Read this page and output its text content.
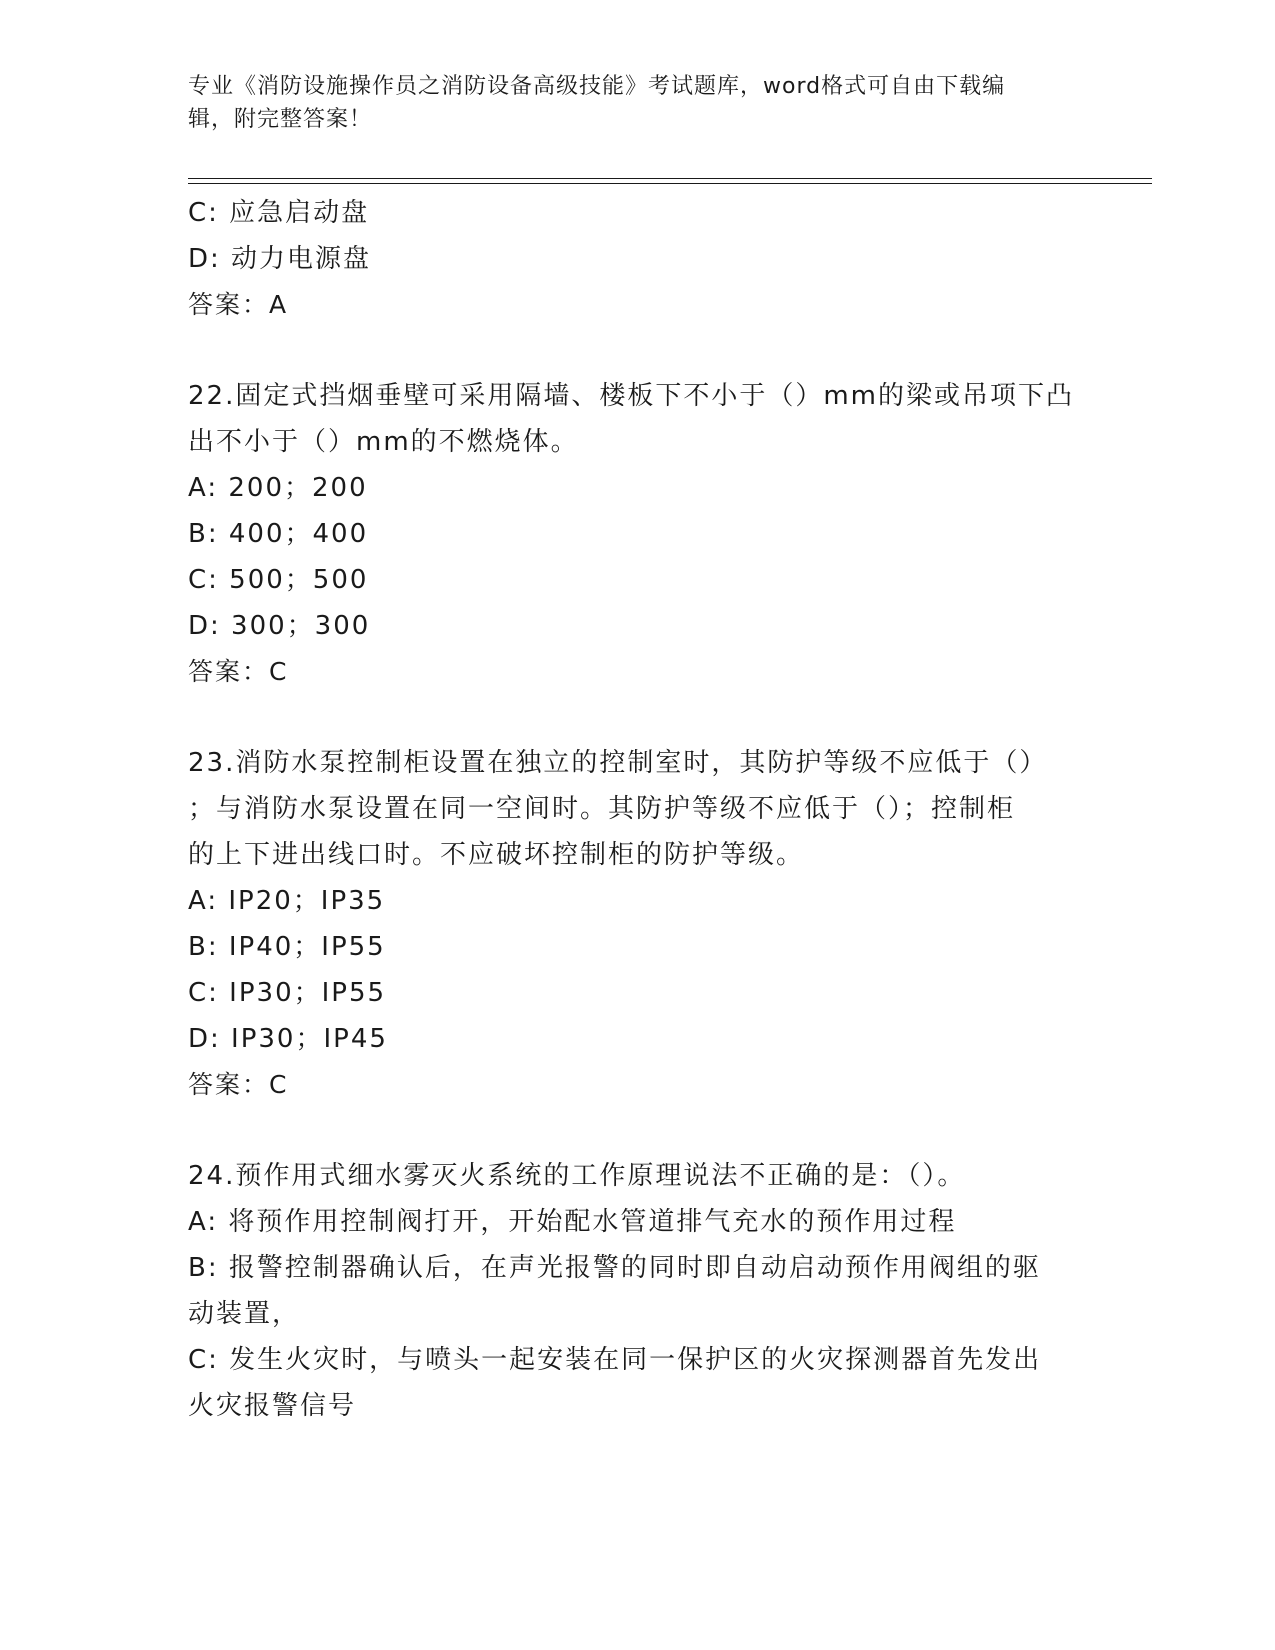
专业《消防设施操作员之消防设备高级技能》考试题库，word格式可自由下载编
辑，附完整答案！
C: 应急启动盘
D: 动力电源盘
答案：A
22.固定式挡烟垂壁可采用隔墙、楼板下不小于（）mm的梁或吊项下凸
出不小于（）mm的不燃烧体。
A: 200；200
B: 400；400
C: 500；500
D: 300；300
答案：C
23.消防水泵控制柜设置在独立的控制室时，其防护等级不应低于（）
；与消防水泵设置在同一空间时。其防护等级不应低于（）；控制柜
的上下进出线口时。不应破坏控制柜的防护等级。
A: IP20；IP35
B: IP40；IP55
C: IP30；IP55
D: IP30；IP45
答案：C
24.预作用式细水雾灭火系统的工作原理说法不正确的是：（）。
A: 将预作用控制阀打开，开始配水管道排气充水的预作用过程
B: 报警控制器确认后，在声光报警的同时即自动启动预作用阀组的驱
动装置，
C: 发生火灾时，与喷头一起安装在同一保护区的火灾探测器首先发出
火灾报警信号
